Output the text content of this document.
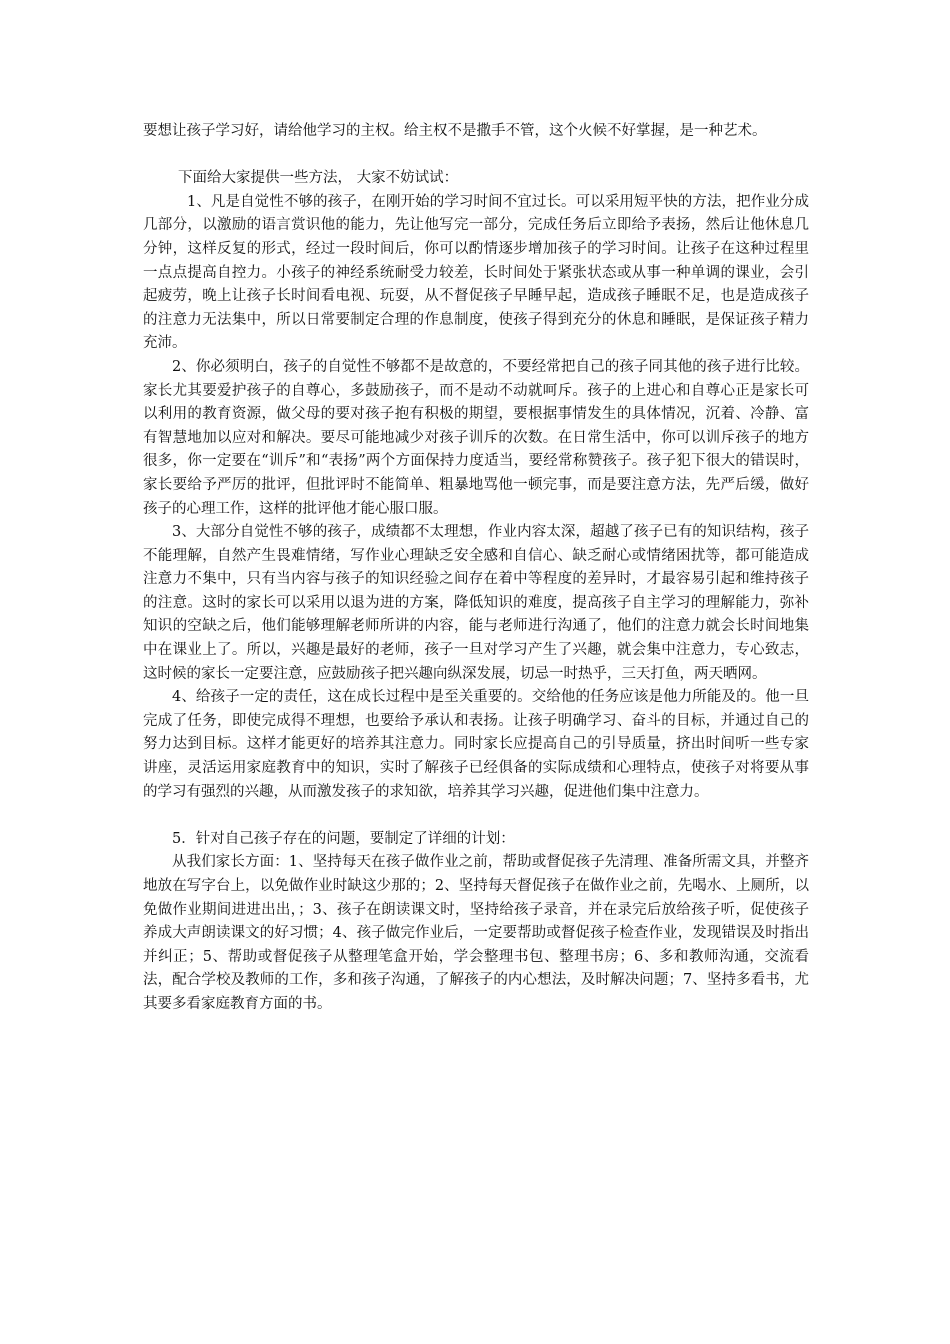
要想让孩子学习好，请给他学习的主权。给主权不是撒手不管，这个火候不好掌握，是一种艺术。

下面给大家提供一些方法， 大家不妨试试：

1、凡是自觉性不够的孩子，在刚开始的学习时间不宜过长。可以采用短平快的方法，把作业分成几部分，以激励的语言赏识他的能力，先让他写完一部分，完成任务后立即给予表扬，然后让他休息几分钟，这样反复的形式，经过一段时间后，你可以酌情逐步增加孩子的学习时间。让孩子在这种过程里一点点提高自控力。小孩子的神经系统耐受力较差，长时间处于紧张状态或从事一种单调的课业，会引起疲劳，晚上让孩子长时间看电视、玩耍，从不督促孩子早睡早起，造成孩子睡眠不足，也是造成孩子的注意力无法集中，所以日常要制定合理的作息制度，使孩子得到充分的休息和睡眠，是保证孩子精力充沛。

2、你必须明白，孩子的自觉性不够都不是故意的，不要经常把自己的孩子同其他的孩子进行比较。家长尤其要爱护孩子的自尊心，多鼓励孩子，而不是动不动就呵斥。孩子的上进心和自尊心正是家长可以利用的教育资源，做父母的要对孩子抱有积极的期望，要根据事情发生的具体情况，沉着、冷静、富有智慧地加以应对和解决。要尽可能地减少对孩子训斥的次数。在日常生活中，你可以训斥孩子的地方很多，你一定要在“训斥”和“表扬”两个方面保持力度适当，要经常称赞孩子。孩子犯下很大的错误时，家长要给予严厉的批评，但批评时不能简单、粗暴地骂他一顿完事，而是要注意方法，先严后缓，做好孩子的心理工作，这样的批评他才能心服口服。

3、大部分自觉性不够的孩子，成绩都不太理想，作业内容太深，超越了孩子已有的知识结构，孩子不能理解，自然产生畏难情绪，写作业心理缺乏安全感和自信心、缺乏耐心或情绪困扰等，都可能造成注意力不集中，只有当内容与孩子的知识经验之间存在着中等程度的差异时，才最容易引起和维持孩子的注意。这时的家长可以采用以退为进的方案，降低知识的难度，提高孩子自主学习的理解能力，弥补知识的空缺之后，他们能够理解老师所讲的内容，能与老师进行沟通了，他们的注意力就会长时间地集中在课业上了。所以，兴趣是最好的老师，孩子一旦对学习产生了兴趣，就会集中注意力，专心致志，这时候的家长一定要注意，应鼓励孩子把兴趣向纵深发展，切忌一时热乎，三天打鱼，两天晒网。

4、给孩子一定的责任，这在成长过程中是至关重要的。交给他的任务应该是他力所能及的。他一旦完成了任务，即使完成得不理想，也要给予承认和表扬。让孩子明确学习、奋斗的目标，并通过自己的努力达到目标。这样才能更好的培养其注意力。同时家长应提高自己的引导质量，挤出时间听一些专家讲座，灵活运用家庭教育中的知识，实时了解孩子已经俱备的实际成绩和心理特点，使孩子对将要从事的学习有强烈的兴趣，从而激发孩子的求知欲，培养其学习兴趣，促进他们集中注意力。

5．针对自己孩子存在的问题，要制定了详细的计划：

从我们家长方面：1、坚持每天在孩子做作业之前，帮助或督促孩子先清理、准备所需文具，并整齐地放在写字台上，以免做作业时缺这少那的；2、坚持每天督促孩子在做作业之前，先喝水、上厕所，以免做作业期间进进出出，；3、孩子在朗读课文时，坚持给孩子录音，并在录完后放给孩子听，促使孩子养成大声朗读课文的好习惯；4、孩子做完作业后，一定要帮助或督促孩子检查作业，发现错误及时指出并纠正；5、帮助或督促孩子从整理笔盒开始，学会整理书包、整理书房；6、多和教师沟通，交流看法，配合学校及教师的工作，多和孩子沟通，了解孩子的内心想法，及时解决问题；7、坚持多看书，尤其要多看家庭教育方面的书。
